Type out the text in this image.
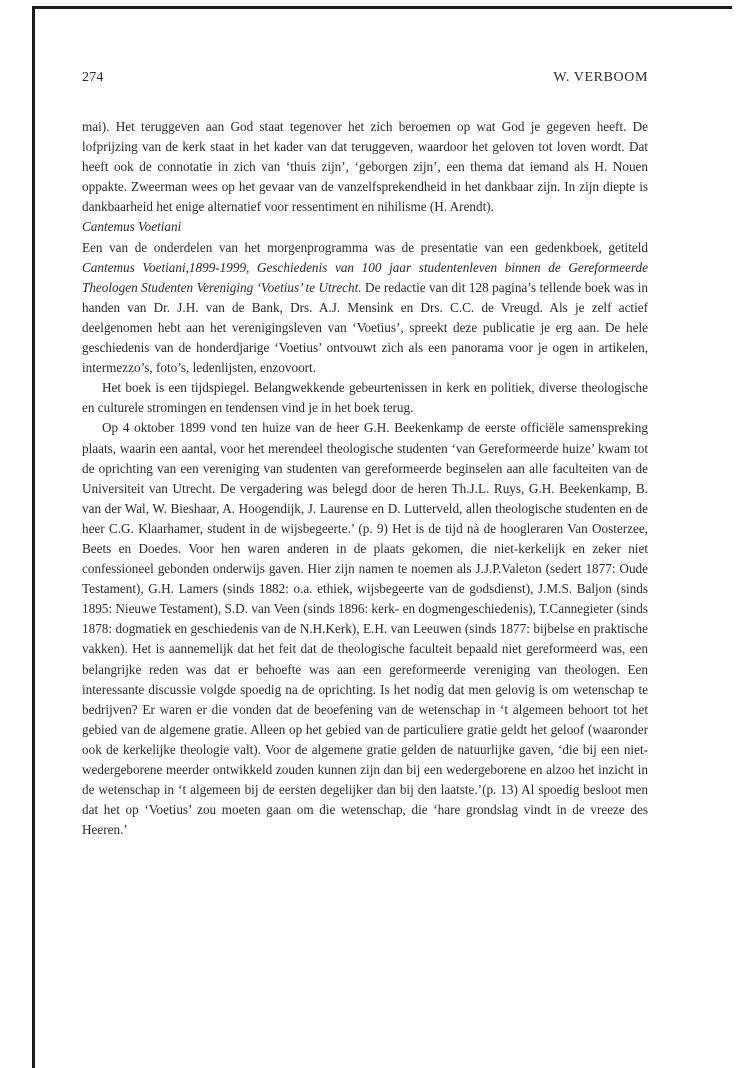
274	W. VERBOOM

mai). Het teruggeven aan God staat tegenover het zich beroemen op wat God je gegeven heeft. De lofprijzing van de kerk staat in het kader van dat teruggeven, waardoor het geloven tot loven wordt. Dat heeft ook de connotatie in zich van ‘thuis zijn’, ‘geborgen zijn’, een thema dat iemand als H. Nouen oppakte. Zweerman wees op het gevaar van de vanzelfsprekendheid in het dankbaar zijn. In zijn diepte is dankbaarheid het enige alternatief voor ressentiment en nihilisme (H. Arendt).

Cantemus Voetiani

Een van de onderdelen van het morgenprogramma was de presentatie van een gedenkboek, getiteld Cantemus Voetiani,1899-1999, Geschiedenis van 100 jaar studentenleven binnen de Gereformeerde Theologen Studenten Vereniging ‘Voetius’ te Utrecht. De redactie van dit 128 pagina’s tellende boek was in handen van Dr. J.H. van de Bank, Drs. A.J. Mensink en Drs. C.C. de Vreugd. Als je zelf actief deelgenomen hebt aan het verenigingsleven van ‘Voetius’, spreekt deze publicatie je erg aan. De hele geschiedenis van de honderdjarige ‘Voetius’ ontvouwt zich als een panorama voor je ogen in artikelen, intermezzo’s, foto’s, ledenlijsten, enzovoort.

Het boek is een tijdspiegel. Belangwekkende gebeurtenissen in kerk en politiek, diverse theologische en culturele stromingen en tendensen vind je in het boek terug.

Op 4 oktober 1899 vond ten huize van de heer G.H. Beekenkamp de eerste officiële samenspreking plaats, waarin een aantal, voor het merendeel theologische studenten ‘van Gereformeerde huize’ kwam tot de oprichting van een vereniging van studenten van gereformeerde beginselen aan alle faculteiten van de Universiteit van Utrecht. De vergadering was belegd door de heren Th.J.L. Ruys, G.H. Beekenkamp, B. van der Wal, W. Bieshaar, A. Hoogendijk, J. Laurense en D. Lutterveld, allen theologische studenten en de heer C.G. Klaarhamer, student in de wijsbegeerte.’ (p. 9) Het is de tijd nà de hoogleraren Van Oosterzee, Beets en Doedes. Voor hen waren anderen in de plaats gekomen, die niet-kerkelijk en zeker niet confessioneel gebonden onderwijs gaven. Hier zijn namen te noemen als J.J.P.Valeton (sedert 1877: Oude Testament), G.H. Lamers (sinds 1882: o.a. ethiek, wijsbegeerte van de godsdienst), J.M.S. Baljon (sinds 1895: Nieuwe Testament), S.D. van Veen (sinds 1896: kerk- en dogmengeschiedenis), T.Cannegieter (sinds 1878: dogmatiek en geschiedenis van de N.H.Kerk), E.H. van Leeuwen (sinds 1877: bijbelse en praktische vakken). Het is aannemelijk dat het feit dat de theologische faculteit bepaald niet gereformeerd was, een belangrijke reden was dat er behoefte was aan een gereformeerde vereniging van theologen. Een interessante discussie volgde spoedig na de oprichting. Is het nodig dat men gelovig is om wetenschap te bedrijven? Er waren er die vonden dat de beoefening van de wetenschap in ‘t algemeen behoort tot het gebied van de algemene gratie. Alleen op het gebied van de particuliere gratie geldt het geloof (waaronder ook de kerkelijke theologie valt). Voor de algemene gratie gelden de natuurlijke gaven, ‘die bij een niet-wedergeborene meerder ontwikkeld zouden kunnen zijn dan bij een wedergeborene en alzoo het inzicht in de wetenschap in ‘t algemeen bij de eersten degelijker dan bij den laatste.’(p. 13) Al spoedig besloot men dat het op ‘Voetius’ zou moeten gaan om die wetenschap, die ‘hare grondslag vindt in de vreeze des Heeren.’
